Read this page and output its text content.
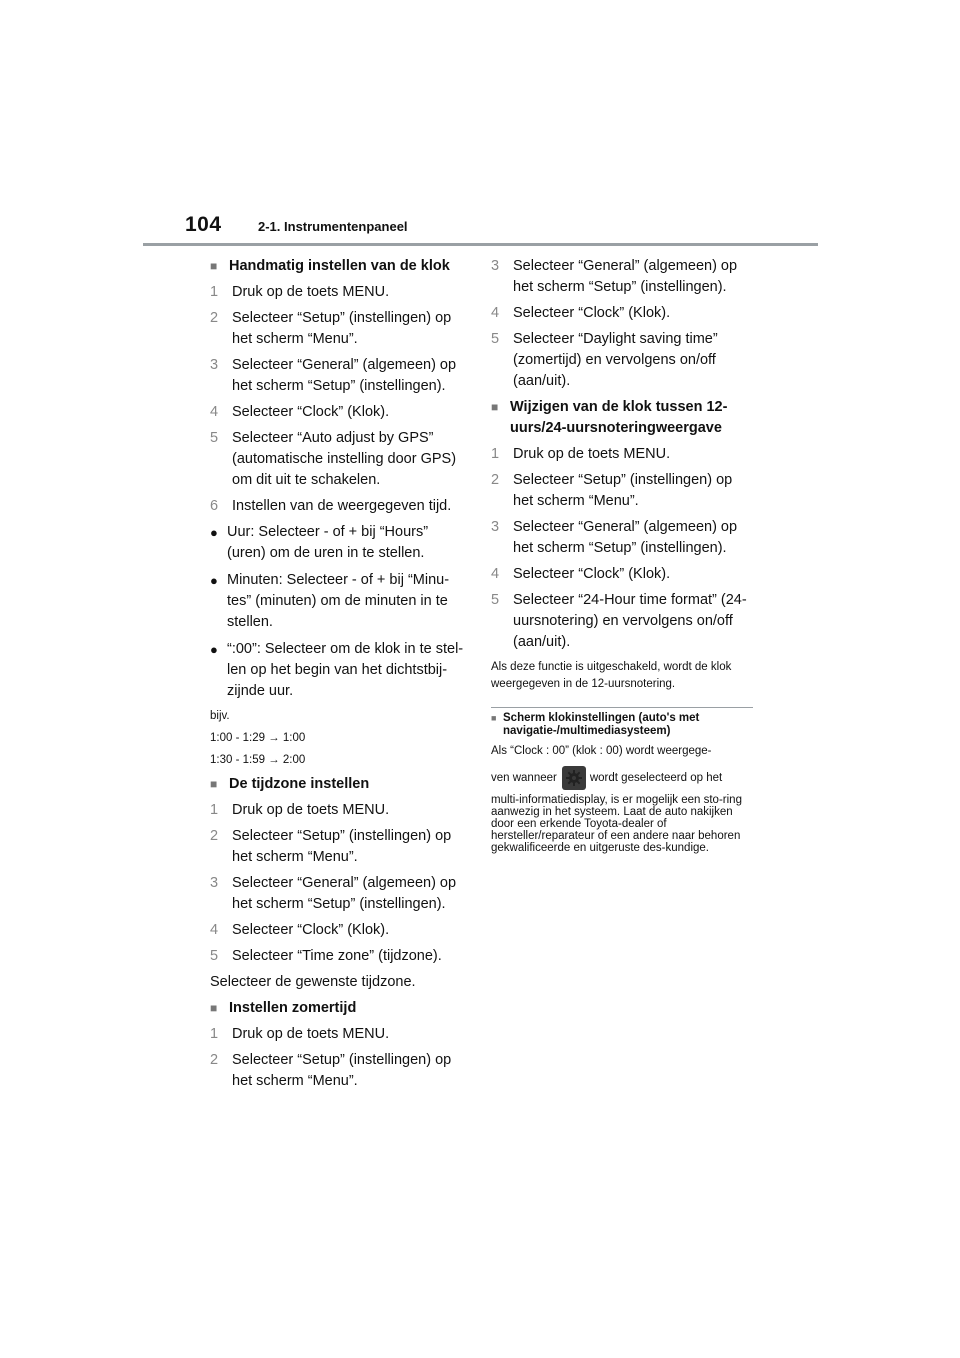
104	2-1. Instrumentenpaneel
■ Handmatig instellen van de klok
1 Druk op de toets MENU.
2 Selecteer “Setup” (instellingen) op het scherm “Menu”.
3 Selecteer “General” (algemeen) op het scherm “Setup” (instellingen).
4 Selecteer “Clock” (Klok).
5 Selecteer “Auto adjust by GPS” (automatische instelling door GPS) om dit uit te schakelen.
6 Instellen van de weergegeven tijd.
● Uur: Selecteer - of + bij “Hours” (uren) om de uren in te stellen.
● Minuten: Selecteer - of + bij “Minu-tes” (minuten) om de minuten in te stellen.
● “:00”: Selecteer om de klok in te stel-len op het begin van het dichtstbij-zijnde uur.
bijv.
1:00 - 1:29 → 1:00
1:30 - 1:59 → 2:00
■ De tijdzone instellen
1 Druk op de toets MENU.
2 Selecteer “Setup” (instellingen) op het scherm “Menu”.
3 Selecteer “General” (algemeen) op het scherm “Setup” (instellingen).
4 Selecteer “Clock” (Klok).
5 Selecteer “Time zone” (tijdzone).
Selecteer de gewenste tijdzone.
■ Instellen zomertijd
1 Druk op de toets MENU.
2 Selecteer “Setup” (instellingen) op het scherm “Menu”.
3 Selecteer “General” (algemeen) op het scherm “Setup” (instellingen).
4 Selecteer “Clock” (Klok).
5 Selecteer “Daylight saving time” (zomertijd) en vervolgens on/off (aan/uit).
■ Wijzigen van de klok tussen 12-uurs/24-uursnoteringweergave
1 Druk op de toets MENU.
2 Selecteer “Setup” (instellingen) op het scherm “Menu”.
3 Selecteer “General” (algemeen) op het scherm “Setup” (instellingen).
4 Selecteer “Clock” (Klok).
5 Selecteer “24-Hour time format” (24-uursnotering) en vervolgens on/off (aan/uit).
Als deze functie is uitgeschakeld, wordt de klok weergegeven in de 12-uursnotering.
■ Scherm klokinstellingen (auto's met navigatie-/multimediasysteem)
Als “Clock : 00” (klok : 00) wordt weergege-
ven wanneer	wordt geselecteerd op het
multi-informatiedisplay, is er mogelijk een sto-ring aanwezig in het systeem. Laat de auto nakijken door een erkende Toyota-dealer of hersteller/reparateur of een andere naar behoren gekwalificeerde en uitgeruste des-kundige.
